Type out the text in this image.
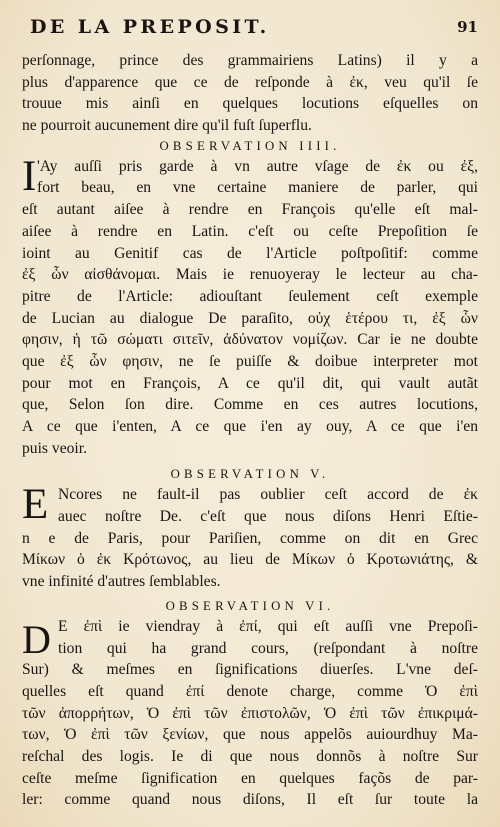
DE LA PREPOSIT.	91
perſonnage, prince des grammairiens Latins) il y a
plus d'apparence que ce de reſponde à ἐκ, veu qu'il ſe
trouue mis ainſi en quelques locutions eſquelles on
ne pourroit aucunement dire qu'il fuſt ſuperflu.
OBSERVATION IIII.
I 'Ay auſſi pris garde à vn autre vſage de ἐκ ou ἐξ,
fort beau, en vne certaine maniere de parler, qui
eſt autant aiſee à rendre en François qu'elle eſt mal-
aiſee à rendre en Latin. c'eſt ou ceſte Prepoſition ſe
ioint au Genitif cas de l'Article poſtpoſitif: comme
ἐξ ὧν αἰσθάνομαι. Mais ie renuoyeray le lecteur au cha-
pitre de l'Article: adiouſtant ſeulement ceſt exemple
de Lucian au dialogue De paraſito, οὐχ ἑτέρου τι, ἐξ ὧν
φησιν, ἡ τῶ σώματι σιτεῖν, ἀδύνατον νομίζων. Car ie ne doubte
que ἐξ ὧν φησιν, ne ſe puiſſe & doibue interpreter mot
pour mot en François, A ce qu'il dit, qui vault autãt
que, Selon ſon dire. Comme en ces autres locutions,
A ce que i'enten, A ce que i'en ay ouy, A ce que i'en
puis veoir.
OBSERVATION V.
E Ncores ne fault-il pas oublier ceſt accord de ἐκ
auec noſtre De. c'eſt que nous diſons Henri Eſtie-
n e de Paris, pour Pariſien, comme on dit en Grec
Μίκων ὁ ἐκ Κρότωνος, au lieu de Μίκων ὁ Κροτωνιάτης, &
vne infinité d'autres ſemblables.
OBSERVATION VI.
D E ἐπὶ ie viendray à ἐπί, qui eſt auſſi vne Prepoſi-
tion qui ha grand cours, (reſpondant à noſtre
Sur) & meſmes en ſignifications diuerſes. L'vne deſ-
quelles eſt quand ἐπί denote charge, comme Ὁ ἐπὶ
τῶν ἀπορρήτων, Ὁ ἐπὶ τῶν ἐπιστολῶν, Ὁ ἐπὶ τῶν ἐπικριμά-
των, Ὁ ἐπὶ τῶν ξενίων, que nous appelõs auiourdhuy Ma-
reſchal des logis. Ie di que nous donnõs à noſtre Sur
ceſte meſme ſignification en quelques façõs de par-
ler: comme quand nous diſons, Il eſt ſur toute la
